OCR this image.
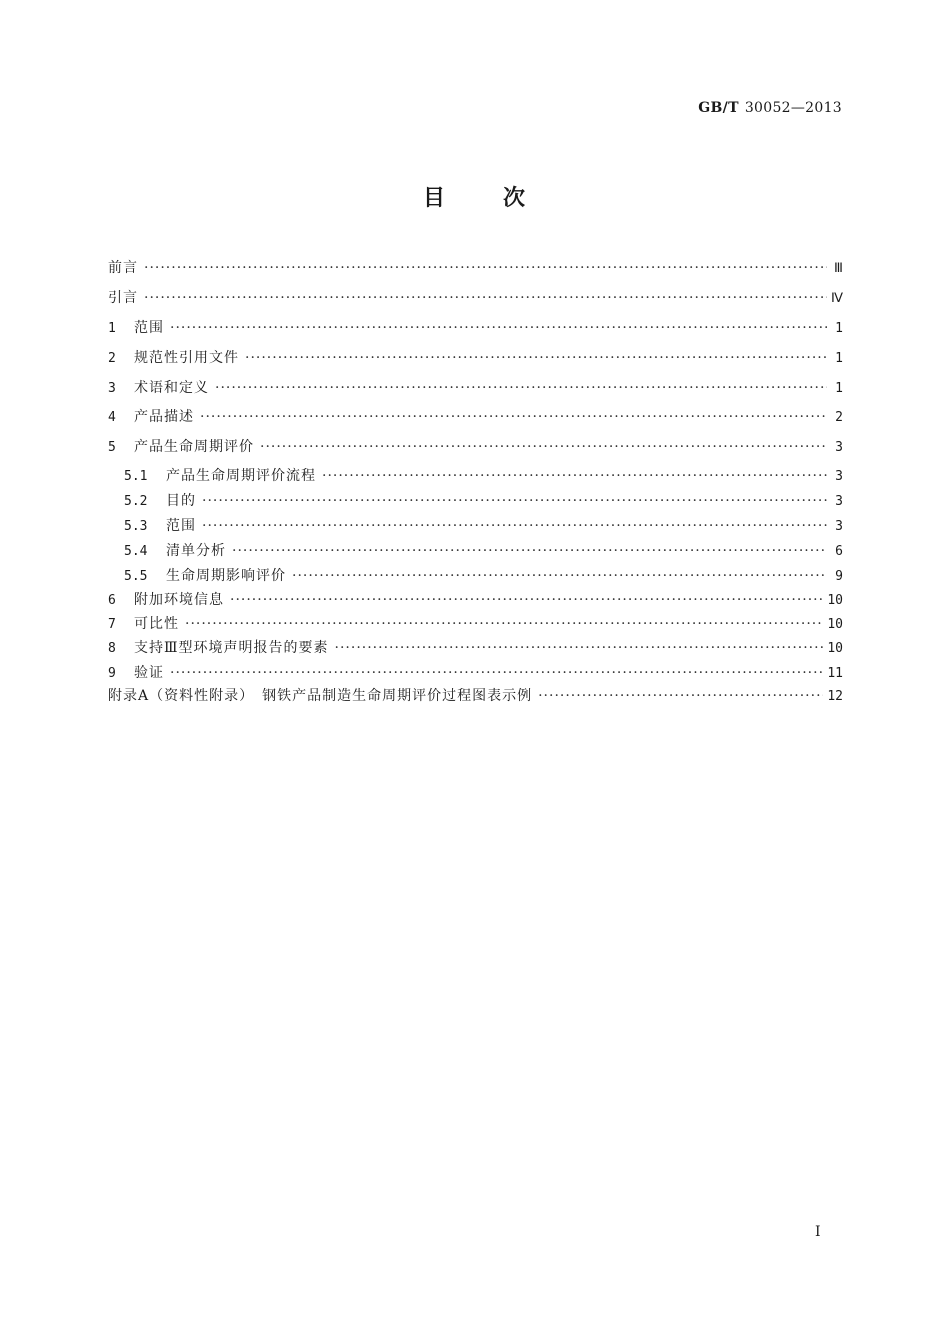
GB/T 30052—2013
目	次
前言 ·····	Ⅲ
引言 ·····	Ⅳ
1	范围 ·····	1
2	规范性引用文件 ·····	1
3	术语和定义 ·····	1
4	产品描述 ·····	2
5	产品生命周期评价 ·····	3
5.1	产品生命周期评价流程 ·····	3
5.2	目的 ·····	3
5.3	范围 ·····	3
5.4	清单分析 ·····	6
5.5	生命周期影响评价 ·····	9
6	附加环境信息 ·····	10
7	可比性 ·····	10
8	支持Ⅲ型环境声明报告的要素 ·····	10
9	验证 ·····	11
附录A（资料性附录）　钢铁产品制造生命周期评价过程图表示例 ·····	12
I
